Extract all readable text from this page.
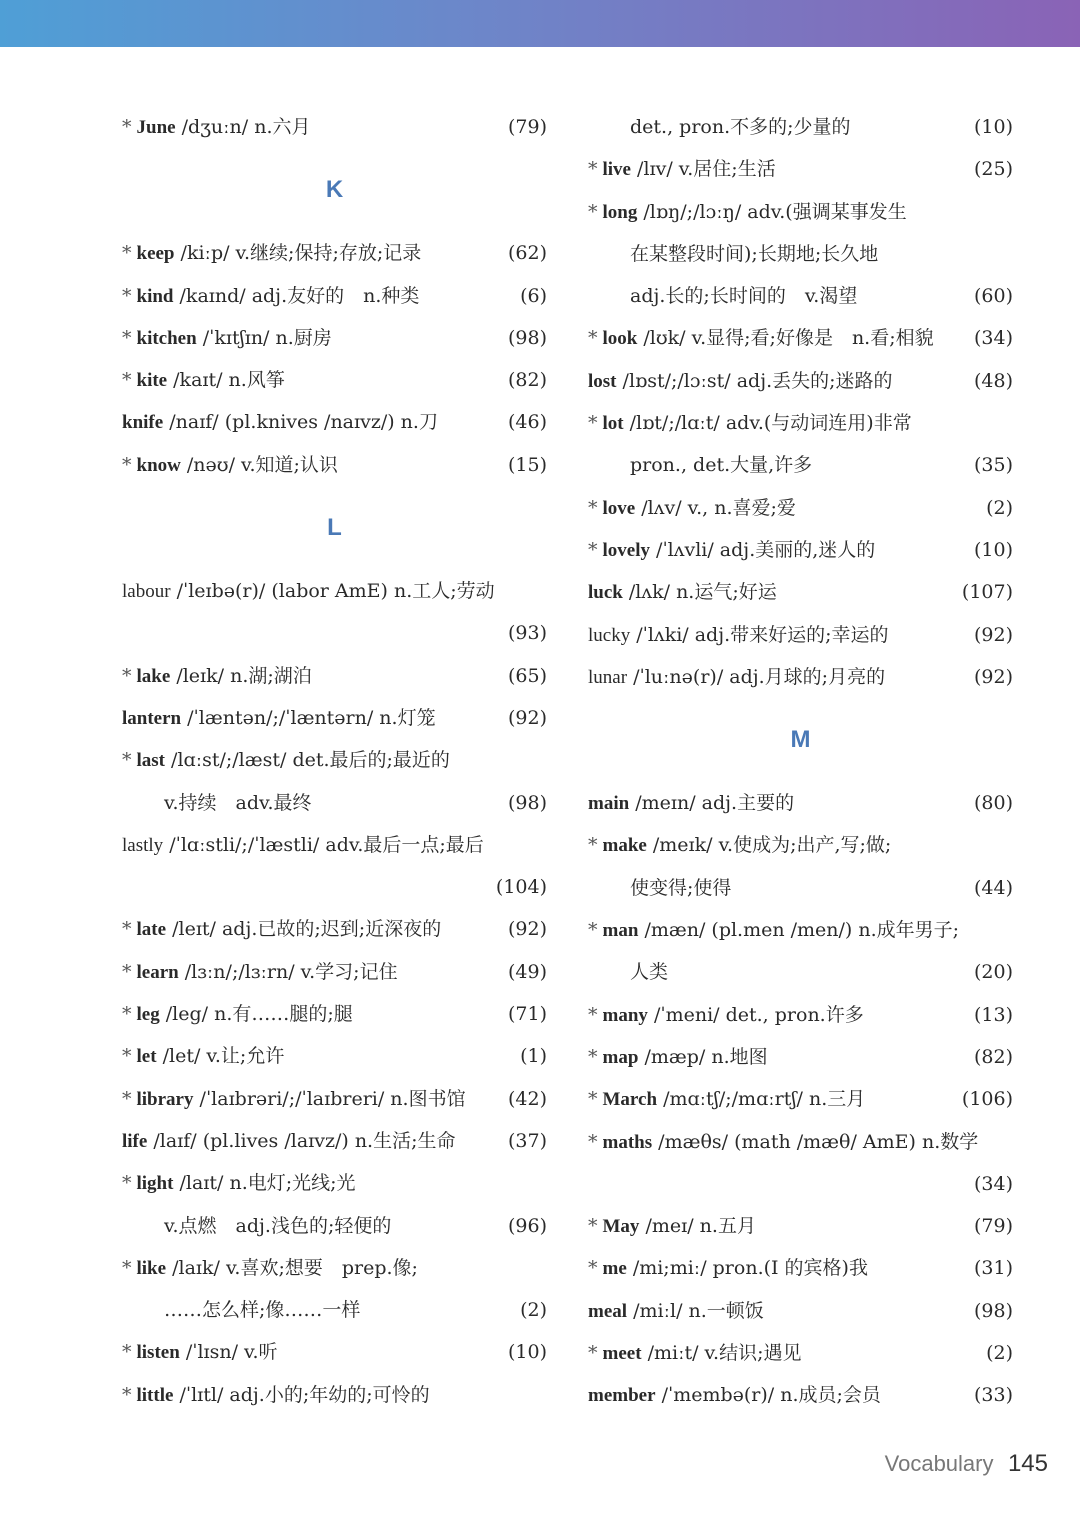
* June /dʒuːn/ n.六月	(79)
K
* keep /kiːp/ v.继续;保持;存放;记录	(62)
* kind /kaɪnd/ adj.友好的　n.种类	(6)
* kitchen /ˈkɪtʃɪn/ n.厨房	(98)
* kite /kaɪt/ n.风筝	(82)
knife /naɪf/ (pl.knives /naɪvz/) n.刀	(46)
* know /nəʊ/ v.知道;认识	(15)
L
labour /ˈleɪbə(r)/ (labor AmE) n.工人;劳动
(93)
* lake /leɪk/ n.湖;湖泊	(65)
lantern /ˈlæntən/;/ˈlæntərn/ n.灯笼	(92)
* last /lɑːst/;/læst/ det.最后的;最近的
v.持续　adv.最终	(98)
lastly /ˈlɑːstli/;/ˈlæstli/ adv.最后一点;最后
(104)
* late /leɪt/ adj.已故的;迟到;近深夜的	(92)
* learn /lɜːn/;/lɜːrn/ v.学习;记住	(49)
* leg /leg/ n.有……腿的;腿	(71)
* let /let/ v.让;允许	(1)
* library /ˈlaɪbrəri/;/ˈlaɪbreri/ n.图书馆 (42)
life /laɪf/ (pl.lives /laɪvz/) n.生活;生命	(37)
* light /laɪt/ n.电灯;光线;光
v.点燃　adj.浅色的;轻便的	(96)
* like /laɪk/ v.喜欢;想要　prep.像;
……怎么样;像……一样	(2)
* listen /ˈlɪsn/ v.听	(10)
* little /ˈlɪtl/ adj.小的;年幼的;可怜的
det., pron.不多的;少量的	(10)
* live /lɪv/ v.居住;生活	(25)
* long /lɒŋ/;/lɔːŋ/ adv.(强调某事发生
在某整段时间);长期地;长久地
adj.长的;长时间的　v.渴望	(60)
* look /lʊk/ v.显得;看;好像是　n.看;相貌 (34)
lost /lɒst/;/lɔːst/ adj.丢失的;迷路的	(48)
* lot /lɒt/;/lɑːt/ adv.(与动词连用)非常
pron., det.大量,许多	(35)
* love /lʌv/ v., n.喜爱;爱	(2)
* lovely /ˈlʌvli/ adj.美丽的,迷人的	(10)
luck /lʌk/ n.运气;好运	(107)
lucky /ˈlʌki/ adj.带来好运的;幸运的	(92)
lunar /ˈluːnə(r)/ adj.月球的;月亮的	(92)
M
main /meɪn/ adj.主要的	(80)
* make /meɪk/ v.使成为;出产,写;做;
使变得;使得	(44)
* man /mæn/ (pl.men /men/) n.成年男子;
人类	(20)
* many /ˈmeni/ det., pron.许多	(13)
* map /mæp/ n.地图	(82)
* March /mɑːtʃ/;/mɑːrtʃ/ n.三月	(106)
* maths /mæθs/ (math /mæθ/ AmE) n.数学
(34)
* May /meɪ/ n.五月	(79)
* me /mi;miː/ pron.(I 的宾格)我	(31)
meal /miːl/ n.一顿饭	(98)
* meet /miːt/ v.结识;遇见	(2)
member /ˈmembə(r)/ n.成员;会员	(33)
Vocabulary 145
